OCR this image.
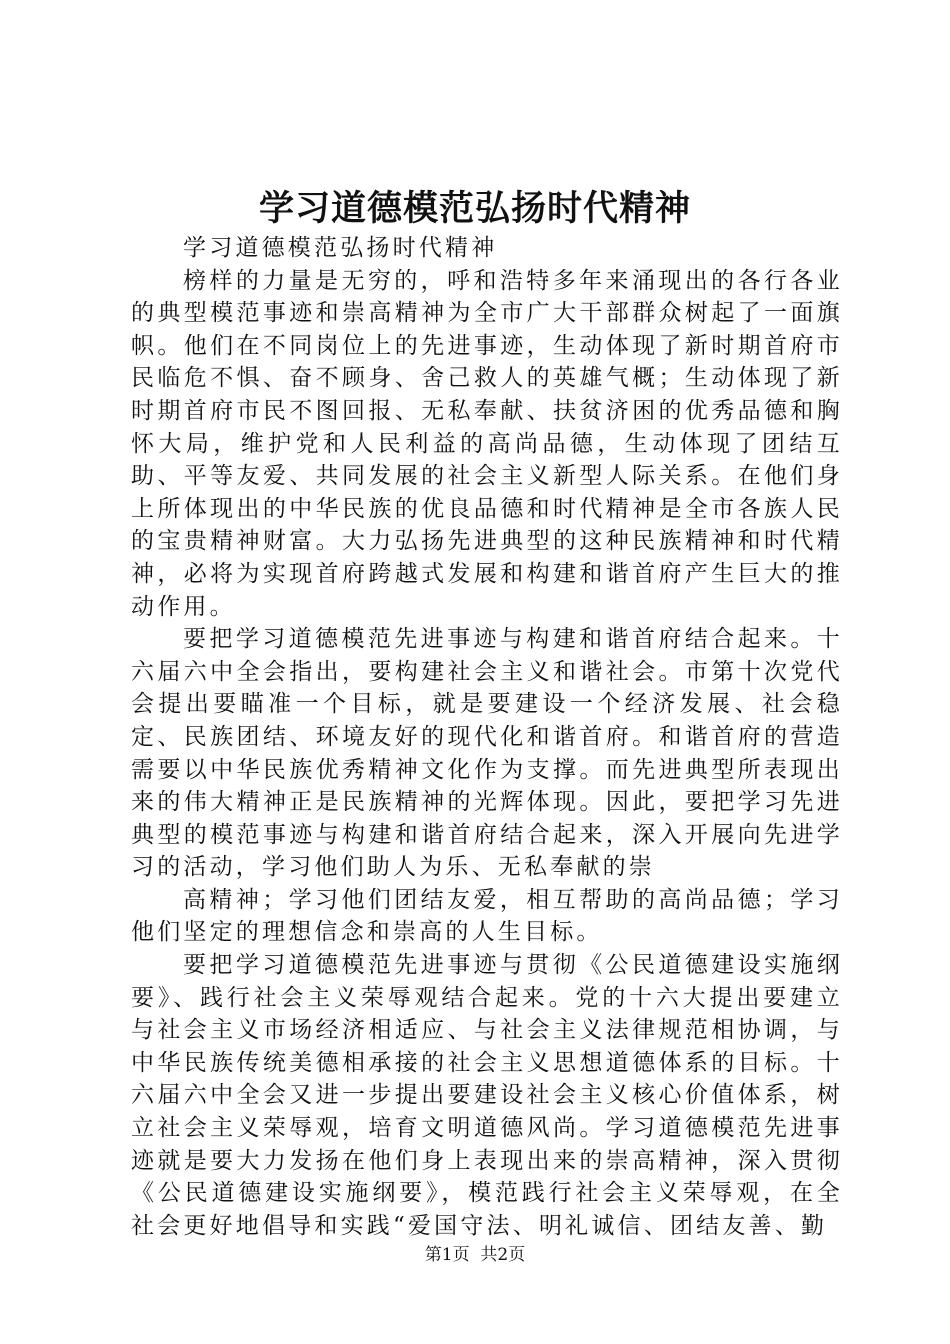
学习道德模范弘扬时代精神

学习道德模范弘扬时代精神

榜样的力量是无穷的，呼和浩特多年来涌现出的各行各业的典型模范事迹和崇高精神为全市广大干部群众树起了一面旗帜。他们在不同岗位上的先进事迹，生动体现了新时期首府市民临危不惧、奋不顾身、舍己救人的英雄气概；生动体现了新时期首府市民不图回报、无私奉献、扶贫济困的优秀品德和胸怀大局，维护党和人民利益的高尚品德，生动体现了团结互助、平等友爱、共同发展的社会主义新型人际关系。在他们身上所体现出的中华民族的优良品德和时代精神是全市各族人民的宝贵精神财富。大力弘扬先进典型的这种民族精神和时代精神，必将为实现首府跨越式发展和构建和谐首府产生巨大的推动作用。

要把学习道德模范先进事迹与构建和谐首府结合起来。十六届六中全会指出，要构建社会主义和谐社会。市第十次党代会提出要瞄准一个目标，就是要建设一个经济发展、社会稳定、民族团结、环境友好的现代化和谐首府。和谐首府的营造需要以中华民族优秀精神文化作为支撑。而先进典型所表现出来的伟大精神正是民族精神的光辉体现。因此，要把学习先进典型的模范事迹与构建和谐首府结合起来，深入开展向先进学习的活动，学习他们助人为乐、无私奉献的崇

高精神；学习他们团结友爱，相互帮助的高尚品德；学习他们坚定的理想信念和崇高的人生目标。

要把学习道德模范先进事迹与贯彻《公民道德建设实施纲要》、践行社会主义荣辱观结合起来。党的十六大提出要建立与社会主义市场经济相适应、与社会主义法律规范相协调，与中华民族传统美德相承接的社会主义思想道德体系的目标。十六届六中全会又进一步提出要建设社会主义核心价值体系，树立社会主义荣辱观，培育文明道德风尚。学习道德模范先进事迹就是要大力发扬在他们身上表现出来的崇高精神，深入贯彻《公民道德建设实施纲要》，模范践行社会主义荣辱观，在全社会更好地倡导和实践“爱国守法、明礼诚信、团结友善、勤

第1页  共2页
